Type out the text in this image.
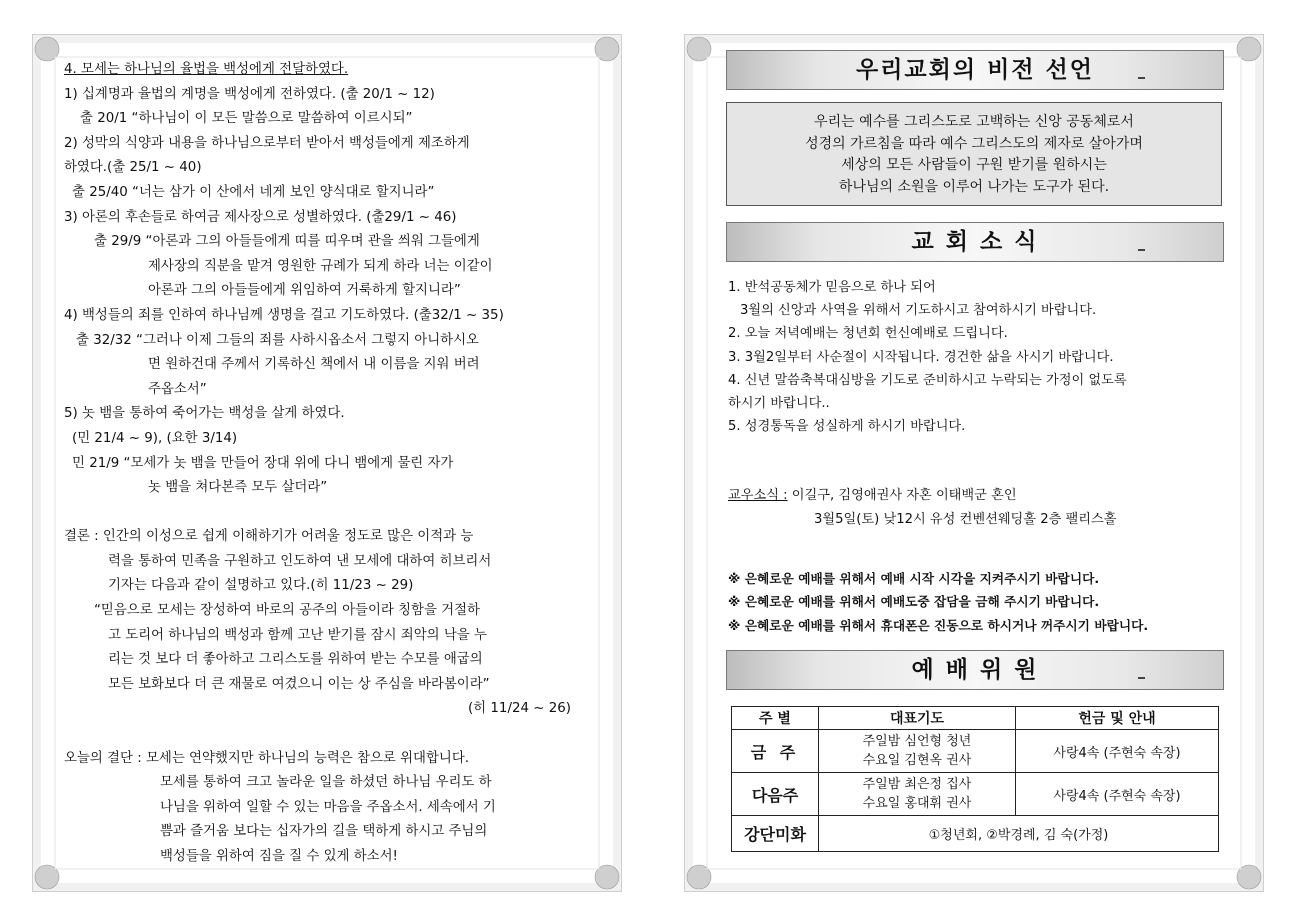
4. 모세는 하나님의 율법을 백성에게 전달하였다.
1) 십계명과 율법의 계명을 백성에게 전하였다. (출 20/1 ~ 12)
출 20/1 “하나님이 이 모든 말씀으로 말씀하여 이르시되”
2) 성막의 식양과 내용을 하나님으로부터 받아서 백성들에게 제조하게
하였다.(출 25/1 ~ 40)
출 25/40 “너는 삼가 이 산에서 네게 보인 양식대로 할지니라”
3) 아론의 후손들로 하여금 제사장으로 성별하였다. (출29/1 ~ 46)
출 29/9 “아론과 그의 아들들에게 띠를 띠우며 관을 씌워 그들에게
제사장의 직분을 맡겨 영원한 규례가 되게 하라 너는 이같이
아론과 그의 아들들에게 위임하여 거룩하게 할지니라”
4) 백성들의 죄를 인하여 하나님께 생명을 걸고 기도하였다. (출32/1 ~ 35)
출 32/32 “그러나 이제 그들의 죄를 사하시옵소서 그렇지 아니하시오
면 원하건대 주께서 기록하신 책에서 내 이름을 지워 버려
주옵소서”
5) 놋 뱀을 통하여 죽어가는 백성을 살게 하였다.
(민 21/4 ~ 9), (요한 3/14)
민 21/9 “모세가 놋 뱀을 만들어 장대 위에 다니 뱀에게 물린 자가
놋 뱀을 쳐다본즉 모두 살더라”
결론 : 인간의 이성으로 쉽게 이해하기가 어려울 정도로 많은 이적과 능
력을 통하여 민족을 구원하고 인도하여 낸 모세에 대하여 히브리서
기자는 다음과 같이 설명하고 있다.(히 11/23 ~ 29)
“믿음으로 모세는 장성하여 바로의 공주의 아들이라 칭함을 거절하
고 도리어 하나님의 백성과 함께 고난 받기를 잠시 죄악의 낙을 누
리는 것 보다 더 좋아하고 그리스도를 위하여 받는 수모를 애굽의
모든 보화보다 더 큰 재물로 여겼으니 이는 상 주심을 바라봄이라”
(히 11/24 ~ 26)
오늘의 결단 : 모세는 연약했지만 하나님의 능력은 참으로 위대합니다.
모세를 통하여 크고 놀라운 일을 하셨던 하나님 우리도 하
나님을 위하여 일할 수 있는 마음을 주옵소서. 세속에서 기
쁨과 즐거움 보다는 십자가의 길을 택하게 하시고 주님의
백성들을 위하여 짐을 질 수 있게 하소서!
우리교회의 비전 선언
우리는 예수를 그리스도로 고백하는 신앙 공동체로서
성경의 가르침을 따라 예수 그리스도의 제자로 살아가며
세상의 모든 사람들이 구원 받기를 원하시는
하나님의 소원을 이루어 나가는 도구가 된다.
교 회 소 식
1. 반석공동체가 믿음으로 하나 되어
3월의 신앙과 사역을 위해서 기도하시고 참여하시기 바랍니다.
2. 오늘 저녁예배는 청년회 헌신예배로 드립니다.
3. 3월2일부터 사순절이 시작됩니다. 경건한 삶을 사시기 바랍니다.
4. 신년 말씀축복대심방을 기도로 준비하시고 누락되는 가정이 없도록
하시기 바랍니다..
5. 성경통독을 성실하게 하시기 바랍니다.
교우소식 : 이길구, 김영애권사 자혼 이태백군 혼인
3월5일(토) 낮12시 유성 컨벤션웨딩홀 2층 팰리스홀
※ 은혜로운 예배를 위해서 예배 시작 시각을 지켜주시기 바랍니다.
※ 은혜로운 예배를 위해서 예배도중 잡담을 금해 주시기 바랍니다.
※ 은혜로운 예배를 위해서 휴대폰은 진동으로 하시거나 꺼주시기 바랍니다.
예 배 위 원
주 별	대표기도	헌금 및 안내
금 주	주일밤 심언형 청년
수요일 김현옥 권사	사랑4속 (주현숙 속장)
다음주	주일밤 최은정 집사
수요일 홍대휘 권사	사랑4속 (주현숙 속장)
강단미화	①청년회, ②박경례, 김 숙(가정)	
